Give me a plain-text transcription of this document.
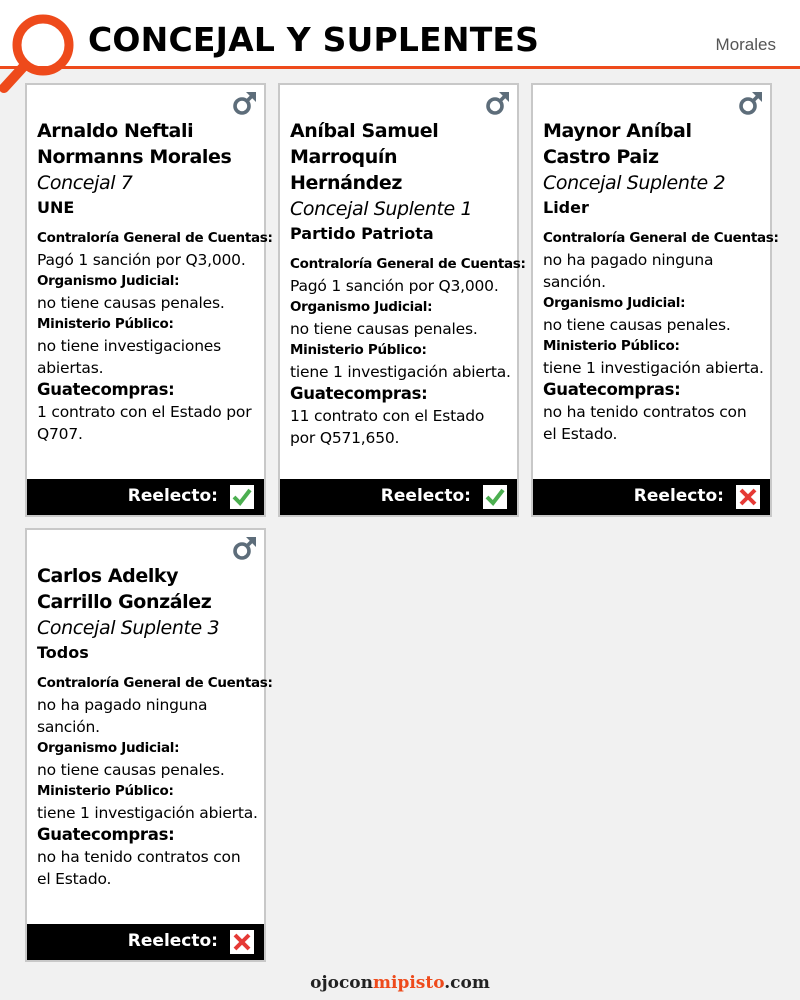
CONCEJAL Y SUPLENTES	Morales
Arnaldo Neftali
Normanns Morales
Concejal 7
UNE
Contraloría General de Cuentas:
Pagó 1 sanción por Q3,000.
Organismo Judicial:
no tiene causas penales.
Ministerio Público:
no tiene investigaciones abiertas.
Guatecompras:
1 contrato con el Estado por Q707.
Reelecto:
Aníbal Samuel
Marroquín Hernández
Concejal Suplente 1
Partido Patriota
Contraloría General de Cuentas:
Pagó 1 sanción por Q3,000.
Organismo Judicial:
no tiene causas penales.
Ministerio Público:
tiene 1 investigación abierta.
Guatecompras:
11 contrato con el Estado por Q571,650.
Reelecto:
Maynor Aníbal
Castro Paiz
Concejal Suplente 2
Lider
Contraloría General de Cuentas:
no ha pagado ninguna sanción.
Organismo Judicial:
no tiene causas penales.
Ministerio Público:
tiene 1 investigación abierta.
Guatecompras:
no ha tenido contratos con el Estado.
Reelecto:
Carlos Adelky
Carrillo González
Concejal Suplente 3
Todos
Contraloría General de Cuentas:
no ha pagado ninguna sanción.
Organismo Judicial:
no tiene causas penales.
Ministerio Público:
tiene 1 investigación abierta.
Guatecompras:
no ha tenido contratos con el Estado.
Reelecto:
ojoconmipisto.com
